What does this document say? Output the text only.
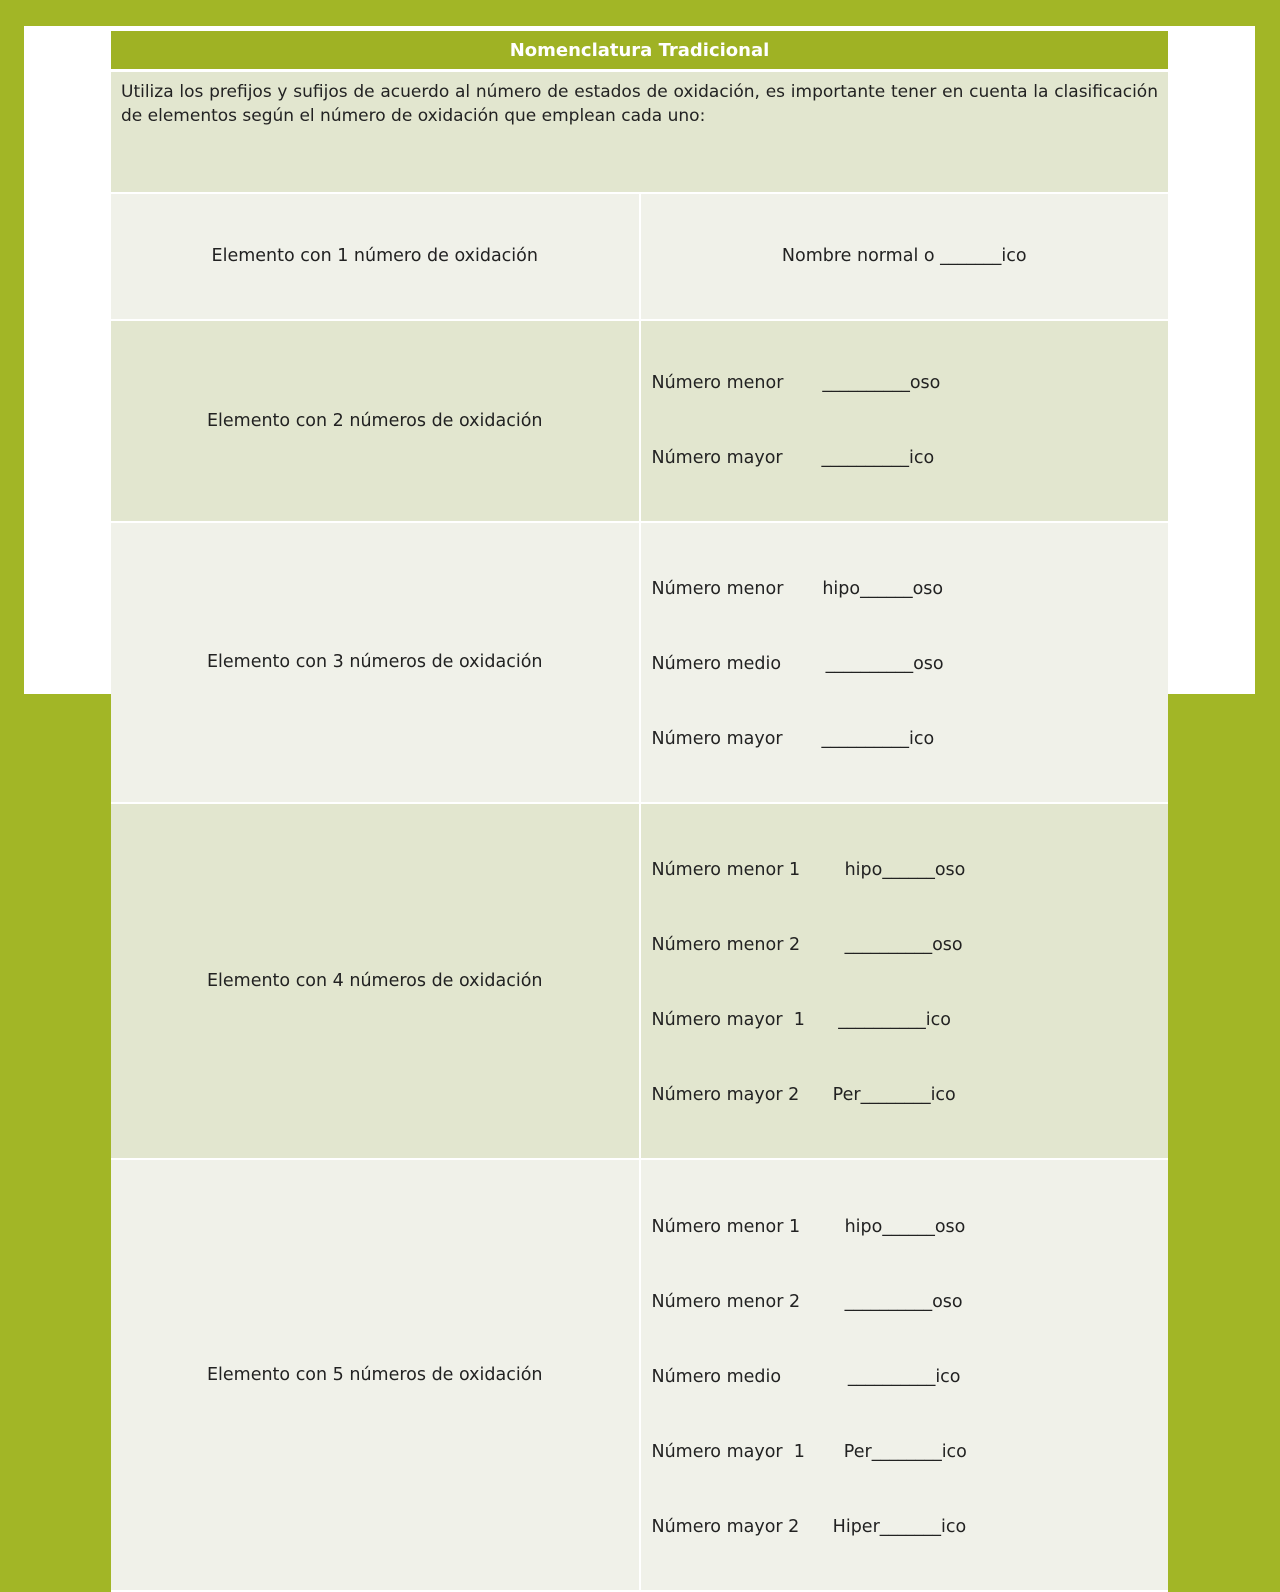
Nomenclatura Tradicional	
Utiliza los prefijos y sufijos de acuerdo al número de estados de oxidación, es importante tener en cuenta la clasificación de elementos según el número de oxidación que emplean cada uno:	
Elemento con 1 número de oxidación	Nombre normal o _______ico

Elemento con 2 números de oxidación	Número menor       __________oso

Número mayor       __________ico

Elemento con 3 números de oxidación	Número menor       hipo______oso

Número medio        __________oso

Número mayor       __________ico

Elemento con 4 números de oxidación	Número menor 1        hipo______oso

Número menor 2        __________oso

Número mayor  1      __________ico

Número mayor 2      Per________ico

Elemento con 5 números de oxidación	Número menor 1        hipo______oso

Número menor 2        __________oso

Número medio            __________ico

Número mayor  1       Per________ico

Número mayor 2      Hiper_______ico
